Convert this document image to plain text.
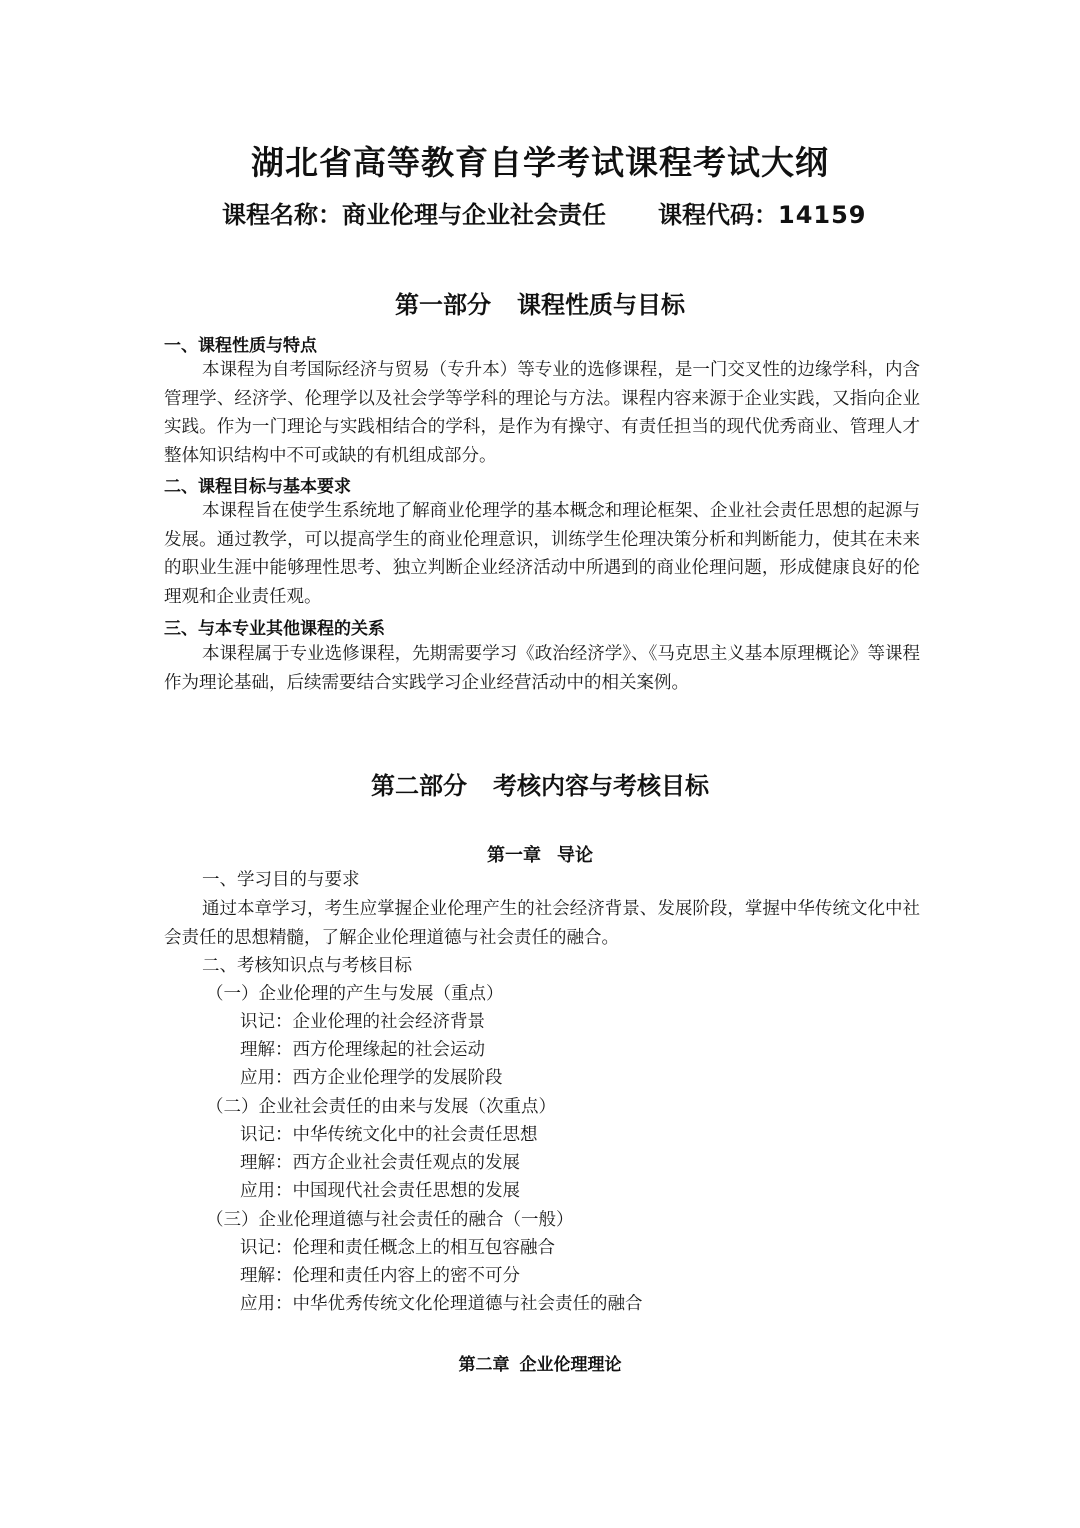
湖北省高等教育自学考试课程考试大纲
课程名称：商业伦理与企业社会责任 课程代码：14159
第一部分 课程性质与目标
一、课程性质与特点
本课程为自考国际经济与贸易（专升本）等专业的选修课程，是一门交叉性的边缘学科，内含管理学、经济学、伦理学以及社会学等学科的理论与方法。课程内容来源于企业实践，又指向企业实践。作为一门理论与实践相结合的学科，是作为有操守、有责任担当的现代优秀商业、管理人才整体知识结构中不可或缺的有机组成部分。
二、课程目标与基本要求
本课程旨在使学生系统地了解商业伦理学的基本概念和理论框架、企业社会责任思想的起源与发展。通过教学，可以提高学生的商业伦理意识，训练学生伦理决策分析和判断能力，使其在未来的职业生涯中能够理性思考、独立判断企业经济活动中所遇到的商业伦理问题，形成健康良好的伦理观和企业责任观。
三、与本专业其他课程的关系
本课程属于专业选修课程，先期需要学习《政治经济学》、《马克思主义基本原理概论》等课程作为理论基础，后续需要结合实践学习企业经营活动中的相关案例。
第二部分 考核内容与考核目标
第一章 导论
一、学习目的与要求
通过本章学习，考生应掌握企业伦理产生的社会经济背景、发展阶段，掌握中华传统文化中社会责任的思想精髓，了解企业伦理道德与社会责任的融合。
二、考核知识点与考核目标
（一）企业伦理的产生与发展（重点）
识记：企业伦理的社会经济背景
理解：西方伦理缘起的社会运动
应用：西方企业伦理学的发展阶段
（二）企业社会责任的由来与发展（次重点）
识记：中华传统文化中的社会责任思想
理解：西方企业社会责任观点的发展
应用：中国现代社会责任思想的发展
（三）企业伦理道德与社会责任的融合（一般）
识记：伦理和责任概念上的相互包容融合
理解：伦理和责任内容上的密不可分
应用：中华优秀传统文化伦理道德与社会责任的融合
第二章 企业伦理理论
